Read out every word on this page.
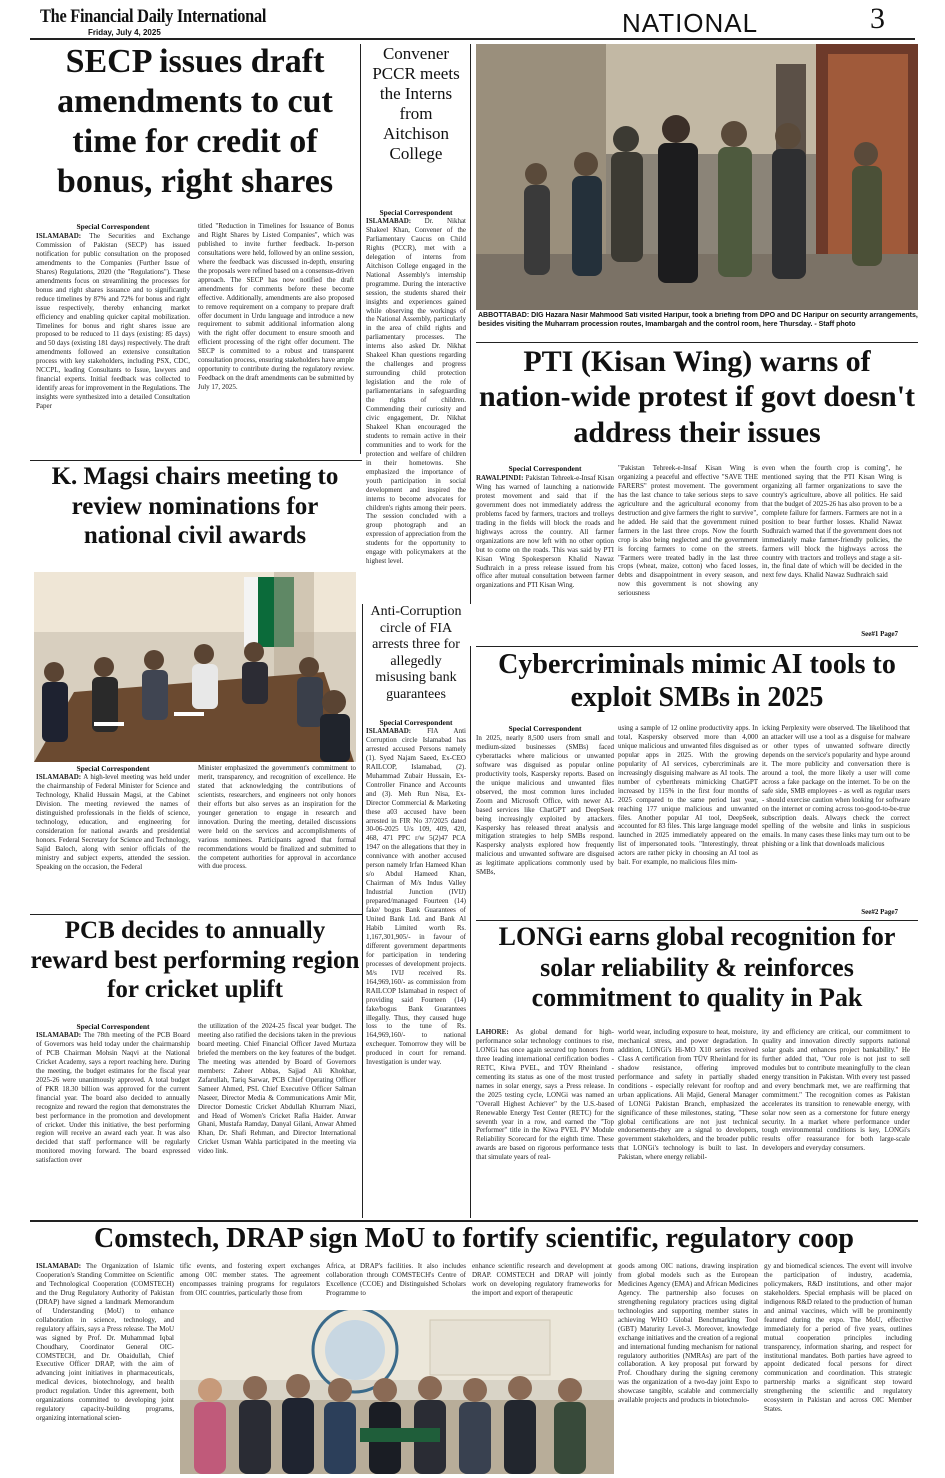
The Financial Daily International
Friday, July 4, 2025	NATIONAL	3
SECP issues draft amendments to cut time for credit of bonus, right shares
Special Correspondent
ISLAMABAD: The Securities and Exchange Commission of Pakistan (SECP) has issued notification for public consultation on the proposed amendments to the Companies (Further Issue of Shares) Regulations, 2020 (the "Regulations"). These amendments focus on streamlining the processes for bonus and right shares issuance and to significantly reduce timelines by 87% and 72% for bonus and right issue respectively, thereby enhancing market efficiency and enabling quicker capital mobilization. Timelines for bonus and right shares issue are proposed to be reduced to 11 days (existing: 85 days) and 50 days (existing 181 days) respectively. The draft amendments followed an extensive consultation process with key stakeholders, including PSX, CDC, NCCPL, leading Consultants to Issue, lawyers and financial experts. Initial feedback was collected to identify areas for improvement in the Regulations. The insights were synthesized into a detailed Consultation Paper
titled "Reduction in Timelines for Issuance of Bonus and Right Shares by Listed Companies", which was published to invite further feedback. In-person consultations were held, followed by an online session, where the feedback was discussed in-depth, ensuring the proposals were refined based on a consensus-driven approach. The SECP has now notified the draft amendments for comments before these become effective. Additionally, amendments are also proposed to remove requirement on a company to prepare draft offer document in Urdu language and introduce a new requirement to submit additional information along with the right offer document to ensure smooth and efficient processing of the right offer document. The SECP is committed to a robust and transparent consultation process, ensuring stakeholders have ample opportunity to contribute during the regulatory review. Feedback on the draft amendments can be submitted by July 17, 2025.
Convener PCCR meets the Interns from Aitchison College
Special Correspondent
ISLAMABAD: Dr. Nikhat Shakeel Khan, Convener of the Parliamentary Caucus on Child Rights (PCCR), met with a delegation of interns from Aitchison College engaged in the National Assembly's internship programme. During the interactive session, the students shared their insights and experiences gained while observing the workings of the National Assembly, particularly in the area of child rights and parliamentary processes. The interns also asked Dr. Nikhat Shakeel Khan questions regarding the challenges and progress surrounding child protection legislation and the role of parliamentarians in safeguarding the rights of children. Commending their curiosity and civic engagement, Dr. Nikhat Shakeel Khan encouraged the students to remain active in their communities and to work for the protection and welfare of children in their hometowns. She emphasized the importance of youth participation in social development and inspired the interns to become advocates for children's rights among their peers. The session concluded with a group photograph and an expression of appreciation from the students for the opportunity to engage with policymakers at the highest level.
ABBOTTABAD: DIG Hazara Nasir Mahmood Sati visited Haripur, took a briefing from DPO and DC Haripur on security arrangements, besides visiting the Muharram procession routes, Imambargah and the control room, here Thursday. - Staff photo
PTI (Kisan Wing) warns of nation-wide protest if govt doesn't address their issues
Special Correspondent
RAWALPINDI: Pakistan Tehreek-e-Insaf Kisan Wing has warned of launching a nationwide protest movement and said that if the government does not immediately address the problems faced by farmers, tractors and trolleys trading in the fields will block the roads and highways across the country. All farmer organizations are now left with no other option but to come on the roads. This was said by PTI Kisan Wing Spokesperson Khalid Nawaz Sudhraich in a press release issued from his office after mutual consultation between farmer organizations and PTI Kisan Wing.
"Pakistan Tehreek-e-Insaf Kisan Wing is organizing a peaceful and effective "SAVE THE FARERS" protest movement. The government has the last chance to take serious steps to save agriculture and the agricultural economy from destruction and give farmers the right to survive", he added. He said that the government ruined farmers in the last three crops. Now the fourth crop is also being neglected and the government is forcing farmers to come on the streets. "Farmers were treated badly in the last three crops (wheat, maize, cotton) who faced losses, debts and disappointment in every season, and now this government is not showing any seriousness
even when the fourth crop is coming", he mentioned saying that the PTI Kisan Wing is organizing all farmer organizations to save the country's agriculture, above all politics. He said that the budget of 2025-26 has also proven to be a complete failure for farmers. Farmers are not in a position to bear further losses. Khalid Nawaz Sudhraich warned that if the government does not immediately make farmer-friendly policies, the farmers will block the highways across the country with tractors and trolleys and stage a sit-in, the final date of which will be decided in the next few days. Khalid Nawaz Sudhraich said
See#1 Page7
K. Magsi chairs meeting to review nominations for national civil awards
Special Correspondent
ISLAMABAD: A high-level meeting was held under the chairmanship of Federal Minister for Science and Technology, Khalid Hussain Magsi, at the Cabinet Division. The meeting reviewed the names of distinguished professionals in the fields of science, technology, education, and engineering for consideration for national awards and presidential honors. Federal Secretary for Science and Technology, Sajid Baloch, along with senior officials of the ministry and subject experts, attended the session. Speaking on the occasion, the Federal
Minister emphasized the government's commitment to merit, transparency, and recognition of excellence. He stated that acknowledging the contributions of scientists, researchers, and engineers not only honors their efforts but also serves as an inspiration for the younger generation to engage in research and innovation. During the meeting, detailed discussions were held on the services and accomplishments of various nominees. Participants agreed that formal recommendations would be finalized and submitted to the competent authorities for approval in accordance with due process.
Anti-Corruption circle of FIA arrests three for allegedly misusing bank guarantees
Special Correspondent
ISLAMABAD: FIA Anti Corruption circle Islamabad has arrested accused Persons namely (1). Syed Najam Saeed, Ex-CEO RAILCOP, Islamabad, (2). Muhammad Zubair Hussain, Ex-Controller Finance and Accounts and (3). Meh Run Nisa, Ex-Director Commercial & Marketing these a03 accused have been arrested in FIR No 37/2025 dated 30-06-2025 U/s 109, 409, 420, 468, 471 PPC r/w 5(2)47 PCA 1947 on the allegations that they in connivance with another accused person namely Irfan Hameed Khan s/o Abdul Hameed Khan, Chairman of M/s Indus Valley Industrial Junction (IVIJ) prepared/managed Fourteen (14) fake/ bogus Bank Guarantees of United Bank Ltd. and Bank Al Habib Limited worth Rs. 1,167,301,905/- in favour of different government departments for participation in tendering processes of development projects. M/s IVIJ received Rs. 164,969,160/- as commission from RAILCOP Islamabad in respect of providing said Fourteen (14) fake/bogus Bank Guarantees illegally. Thus, they caused huge loss to the tune of Rs. 164,969,160/- to national exchequer. Tomorrow they will be produced in court for remand. Investigation is under way.
Cybercriminals mimic AI tools to exploit SMBs in 2025
Special Correspondent
In 2025, nearly 8,500 users from small and medium-sized businesses (SMBs) faced cyberattacks where malicious or unwanted software was disguised as popular online productivity tools, Kaspersky reports. Based on the unique malicious and unwanted files observed, the most common lures included Zoom and Microsoft Office, with newer AI-based services like ChatGPT and DeepSeek being increasingly exploited by attackers. Kaspersky has released threat analysis and mitigation strategies to help SMBs respond. Kaspersky analysts explored how frequently malicious and unwanted software are disguised as legitimate applications commonly used by SMBs,
using a sample of 12 online productivity apps. In total, Kaspersky observed more than 4,000 unique malicious and unwanted files disguised as popular apps in 2025. With the growing popularity of AI services, cybercriminals are increasingly disguising malware as AI tools. The number of cyberthreats mimicking ChatGPT increased by 115% in the first four months of 2025 compared to the same period last year, reaching 177 unique malicious and unwanted files. Another popular AI tool, DeepSeek, accounted for 83 files. This large language model launched in 2025 immediately appeared on the list of impersonated tools. "Interestingly, threat actors are rather picky in choosing an AI tool as bait. For example, no malicious files mim-
icking Perplexity were observed. The likelihood that an attacker will use a tool as a disguise for malware or other types of unwanted software directly depends on the service's popularity and hype around it. The more publicity and conversation there is around a tool, the more likely a user will come across a fake package on the internet. To be on the safe side, SMB employees - as well as regular users - should exercise caution when looking for software on the internet or coming across too-good-to-be-true subscription deals. Always check the correct spelling of the website and links in suspicious emails. In many cases these links may turn out to be phishing or a link that downloads malicious
See#2 Page7
PCB decides to annually reward best performing region for cricket uplift
Special Correspondent
ISLAMABAD: The 78th meeting of the PCB Board of Governors was held today under the chairmanship of PCB Chairman Mohsin Naqvi at the National Cricket Academy, says a report reaching here. During the meeting, the budget estimates for the fiscal year 2025-26 were unanimously approved. A total budget of PKR 18.30 billion was approved for the current financial year. The board also decided to annually recognize and reward the region that demonstrates the best performance in the promotion and development of cricket. Under this initiative, the best performing region will receive an award each year. It was also decided that staff performance will be regularly monitored moving forward. The board expressed satisfaction over
the utilization of the 2024-25 fiscal year budget. The meeting also ratified the decisions taken in the previous board meeting. Chief Financial Officer Javed Murtaza briefed the members on the key features of the budget. The meeting was attended by Board of Governors members: Zaheer Abbas, Sajjad Ali Khokhar, Zafarullah, Tariq Sarwar, PCB Chief Operating Officer Sameer Ahmed, PSL Chief Executive Officer Salman Naseer, Director Media & Communications Amir Mir, Director Domestic Cricket Abdullah Khurram Niazi, and Head of Women's Cricket Rafia Haider. Anwar Ghani, Mustafa Ramday, Danyal Gilani, Anwar Ahmed Khan, Dr. Shafi Rehman, and Director International Cricket Usman Wahla participated in the meeting via video link.
LONGi earns global recognition for solar reliability & reinforces commitment to quality in Pak
LAHORE: As global demand for high-performance solar technology continues to rise, LONGi has once again secured top honors from three leading international certification bodies - RETC, Kiwa PVEL, and TÜV Rheinland - cementing its status as one of the most trusted names in solar energy, says a Press release. In the 2025 testing cycle, LONGi was named an "Overall Highest Achiever" by the U.S.-based Renewable Energy Test Center (RETC) for the seventh year in a row, and earned the "Top Performer" title in the Kiwa PVEL PV Module Reliability Scorecard for the eighth time. These awards are based on rigorous performance tests that simulate years of real-
world wear, including exposure to heat, moisture, mechanical stress, and power degradation. In addition, LONGi's Hi-MO X10 series received Class A certification from TÜV Rheinland for its shadow resistance, offering improved performance and safety in partially shaded conditions - especially relevant for rooftop and urban applications. Ali Majid, General Manager of LONGi Pakistan Branch, emphasized the significance of these milestones, stating, "These global certifications are not just technical endorsements-they are a signal to developers, government stakeholders, and the broader public that LONGi's technology is built to last. In Pakistan, where energy reliabil-
ity and efficiency are critical, our commitment to quality and innovation directly supports national solar goals and enhances project bankability." He further added that, "Our role is not just to sell modules but to contribute meaningfully to the clean energy transition in Pakistan. With every test passed and every benchmark met, we are reaffirming that commitment." The recognition comes as Pakistan accelerates its transition to renewable energy, with solar now seen as a cornerstone for future energy security. In a market where performance under tough environmental conditions is key, LONGi's results offer reassurance for both large-scale developers and everyday consumers.
Comstech, DRAP sign MoU to fortify scientific, regulatory coop
ISLAMABAD: The Organization of Islamic Cooperation's Standing Committee on Scientific and Technological Cooperation (COMSTECH) and the Drug Regulatory Authority of Pakistan (DRAP) have signed a landmark Memorandum of Understanding (MoU) to enhance collaboration in science, technology, and regulatory affairs, says a Press release. The MoU was signed by Prof. Dr. Muhammad Iqbal Choudhary, Coordinator General OIC-COMSTECH, and Dr. Obaidullah, Chief Executive Officer DRAP, with the aim of advancing joint initiatives in pharmaceuticals, medical devices, biotechnology, and health product regulation. Under this agreement, both organizations committed to developing joint regulatory capacity-building programs, organizing international scien-
tific events, and fostering expert exchanges among OIC member states. The agreement encompasses training programs for regulators from OIC countries, particularly those from
Africa, at DRAP's facilities. It also includes collaboration through COMSTECH's Centre of Excellence (CCOE) and Distinguished Scholars Programme to
enhance scientific research and development at DRAP. COMSTECH and DRAP will jointly work on developing regulatory frameworks for the import and export of therapeutic
goods among OIC nations, drawing inspiration from global models such as the European Medicines Agency (EMA) and African Medicines Agency. The partnership also focuses on strengthening regulatory practices using digital technologies and supporting member states in achieving WHO Global Benchmarking Tool (GBT) Maturity Level-3. Moreover, knowledge exchange initiatives and the creation of a regional and international funding mechanism for national regulatory authorities (NMRAs) are part of the collaboration. A key proposal put forward by Prof. Choudhary during the signing ceremony was the organization of a two-day joint Expo to showcase tangible, scalable and commercially available projects and products in biotechnolo-
gy and biomedical sciences. The event will involve the participation of industry, academia, policymakers, R&D institutions, and other major stakeholders. Special emphasis will be placed on indigenous R&D related to the production of human and animal vaccines, which will be prominently featured during the expo. The MoU, effective immediately for a period of five years, outlines mutual cooperation principles including transparency, information sharing, and respect for institutional mandates. Both parties have agreed to appoint dedicated focal persons for direct communication and coordination. This strategic partnership marks a significant step toward strengthening the scientific and regulatory ecosystem in Pakistan and across OIC Member States.
